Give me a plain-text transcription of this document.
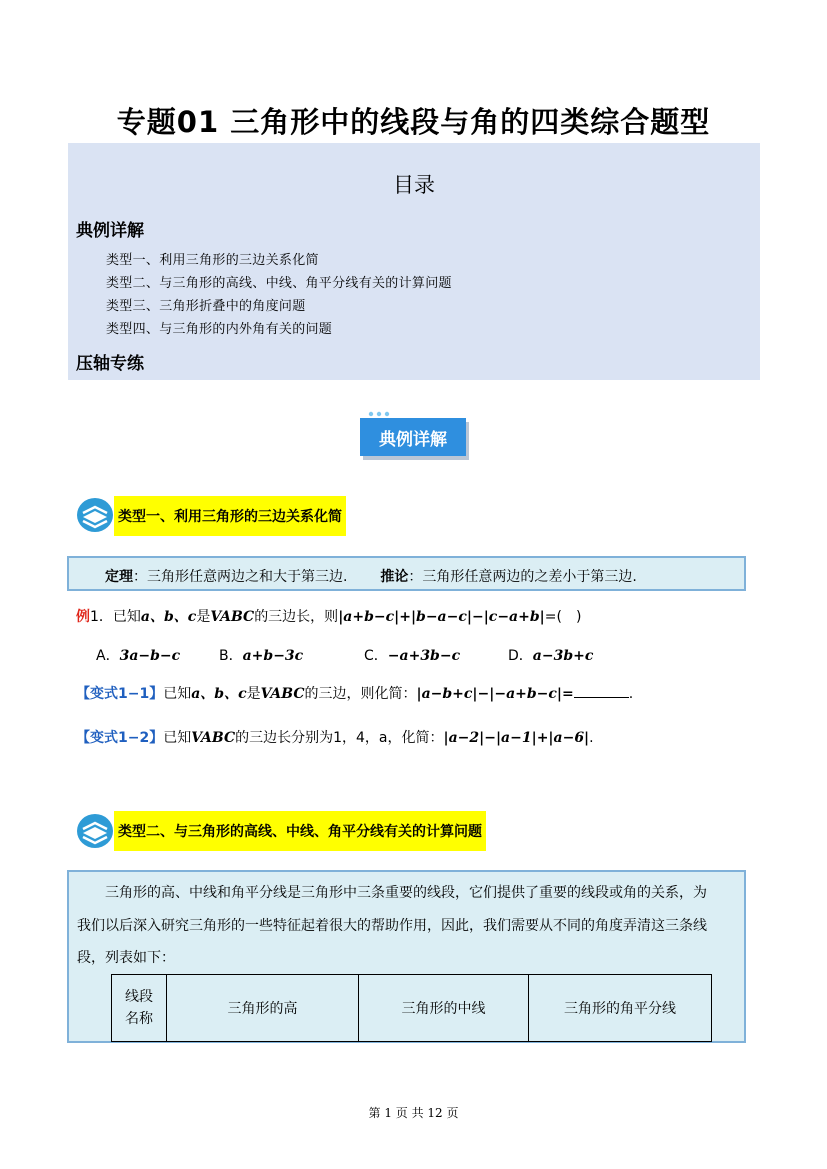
专题01 三角形中的线段与角的四类综合题型
目录
典例详解
类型一、利用三角形的三边关系化简
类型二、与三角形的高线、中线、角平分线有关的计算问题
类型三、三角形折叠中的角度问题
类型四、与三角形的内外角有关的问题
压轴专练
典例详解
类型一、利用三角形的三边关系化简
定理：三角形任意两边之和大于第三边. 推论：三角形任意两边的之差小于第三边.
例1．已知a、b、c是VABC的三边长，则|a+b−c|+|b−a−c|−|c−a+b|=(　)
A．3a−b−c	B．a+b−3c	C．−a+3b−c	D．a−3b+c
【变式1−1】已知a、b、c是VABC的三边，则化简：|a−b+c|−|−a+b−c|=	.
【变式1−2】已知VABC的三边长分别为1，4，a，化简：|a−2|−|a−1|+|a−6|.
类型二、与三角形的高线、中线、角平分线有关的计算问题
三角形的高、中线和角平分线是三角形中三条重要的线段，它们提供了重要的线段或角的关系，为
我们以后深入研究三角形的一些特征起着很大的帮助作用，因此，我们需要从不同的角度弄清这三条线
段，列表如下：
线段
名称	三角形的高	三角形的中线	三角形的角平分线
第 1 页 共 12 页
